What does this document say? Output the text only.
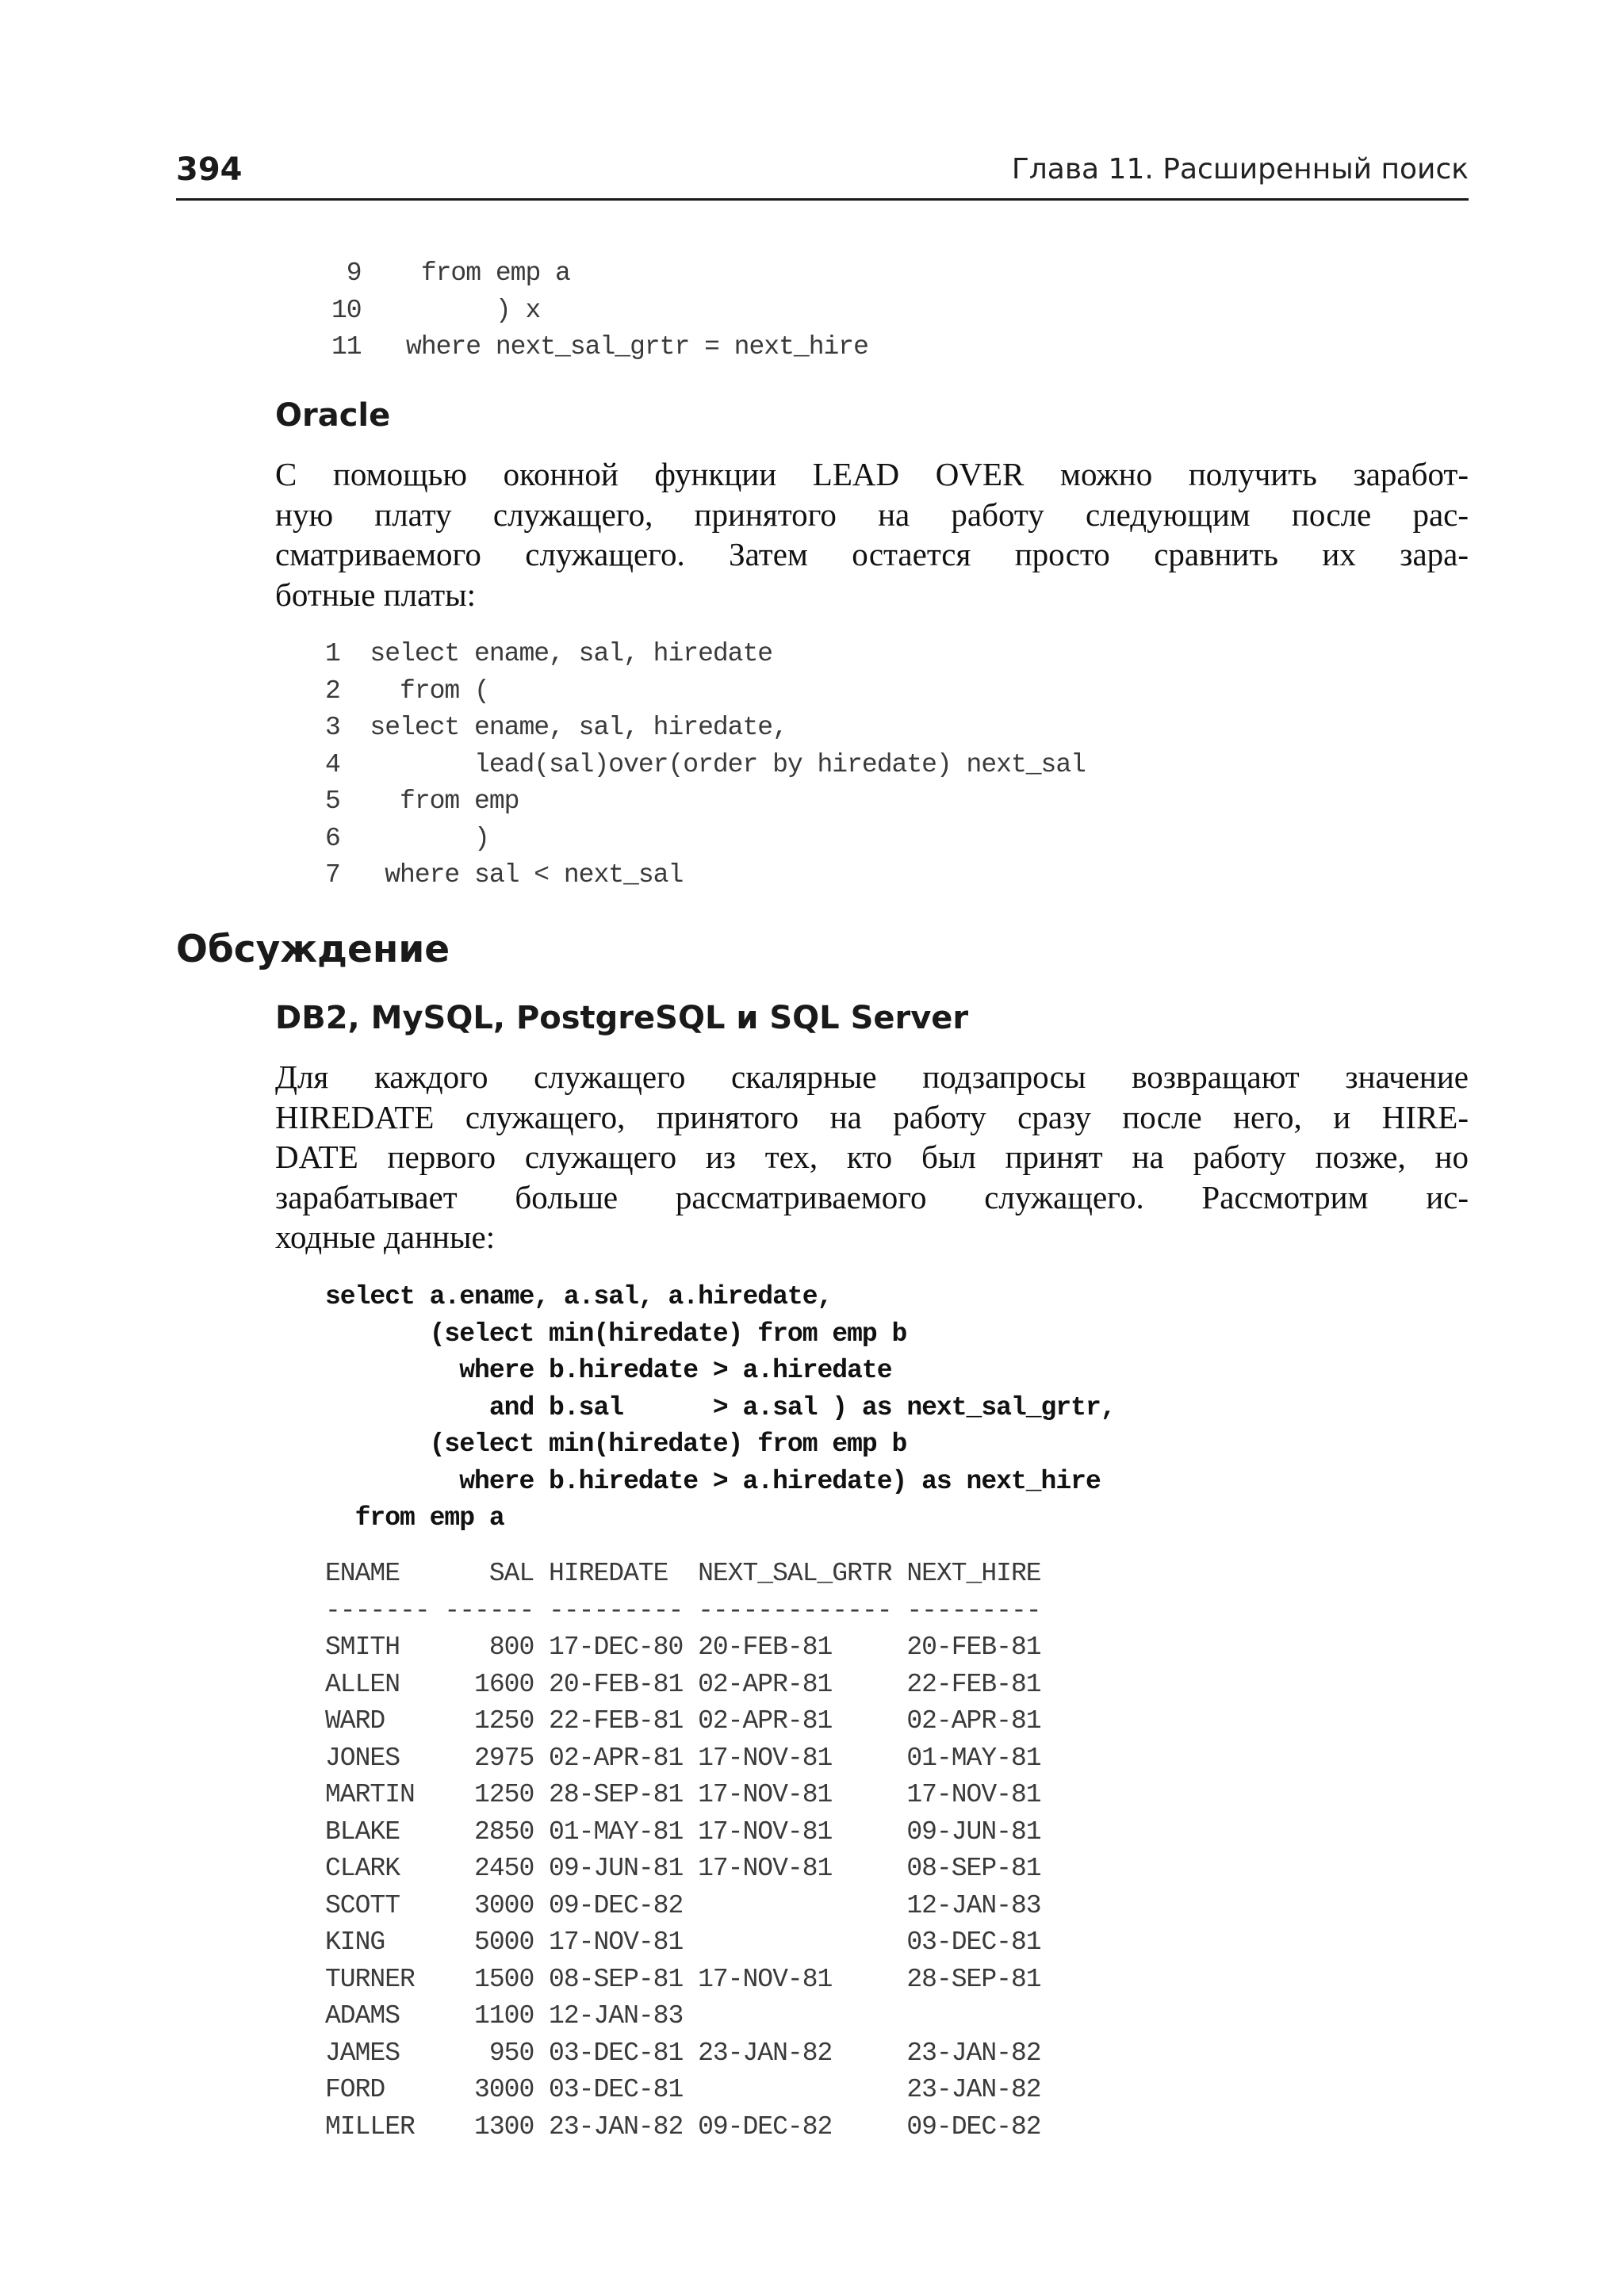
394	Глава 11. Расширенный поиск
9    from emp a
10         ) x
11   where next_sal_grtr = next_hire
Oracle

С помощью оконной функции LEAD OVER можно получить заработ-
ную плату служащего, принятого на работу следующим после рас-
сматриваемого служащего. Затем остается просто сравнить их зара-
ботные платы:

1  select ename, sal, hiredate
2    from (
3  select ename, sal, hiredate,
4         lead(sal)over(order by hiredate) next_sal
5    from emp
6         )
7   where sal < next_sal
Обсуждение
DB2, MySQL, PostgreSQL и SQL Server

Для каждого служащего скалярные подзапросы возвращают значение
HIREDATE служащего, принятого на работу сразу после него, и HIRE-
DATE первого служащего из тех, кто был принят на работу позже, но
зарабатывает больше рассматриваемого служащего. Рассмотрим ис-
ходные данные:

select a.ename, a.sal, a.hiredate,
(select min(hiredate) from emp b
where b.hiredate > a.hiredate
and b.sal      > a.sal ) as next_sal_grtr,
(select min(hiredate) from emp b
where b.hiredate > a.hiredate) as next_hire
from emp a
ENAME      SAL HIREDATE  NEXT_SAL_GRTR NEXT_HIRE
------- ------ --------- ------------- ---------
SMITH      800 17-DEC-80 20-FEB-81     20-FEB-81
ALLEN     1600 20-FEB-81 02-APR-81     22-FEB-81
WARD      1250 22-FEB-81 02-APR-81     02-APR-81
JONES     2975 02-APR-81 17-NOV-81     01-MAY-81
MARTIN    1250 28-SEP-81 17-NOV-81     17-NOV-81
BLAKE     2850 01-MAY-81 17-NOV-81     09-JUN-81
CLARK     2450 09-JUN-81 17-NOV-81     08-SEP-81
SCOTT     3000 09-DEC-82               12-JAN-83
KING      5000 17-NOV-81               03-DEC-81
TURNER    1500 08-SEP-81 17-NOV-81     28-SEP-81
ADAMS     1100 12-JAN-83
JAMES      950 03-DEC-81 23-JAN-82     23-JAN-82
FORD      3000 03-DEC-81               23-JAN-82
MILLER    1300 23-JAN-82 09-DEC-82     09-DEC-82
